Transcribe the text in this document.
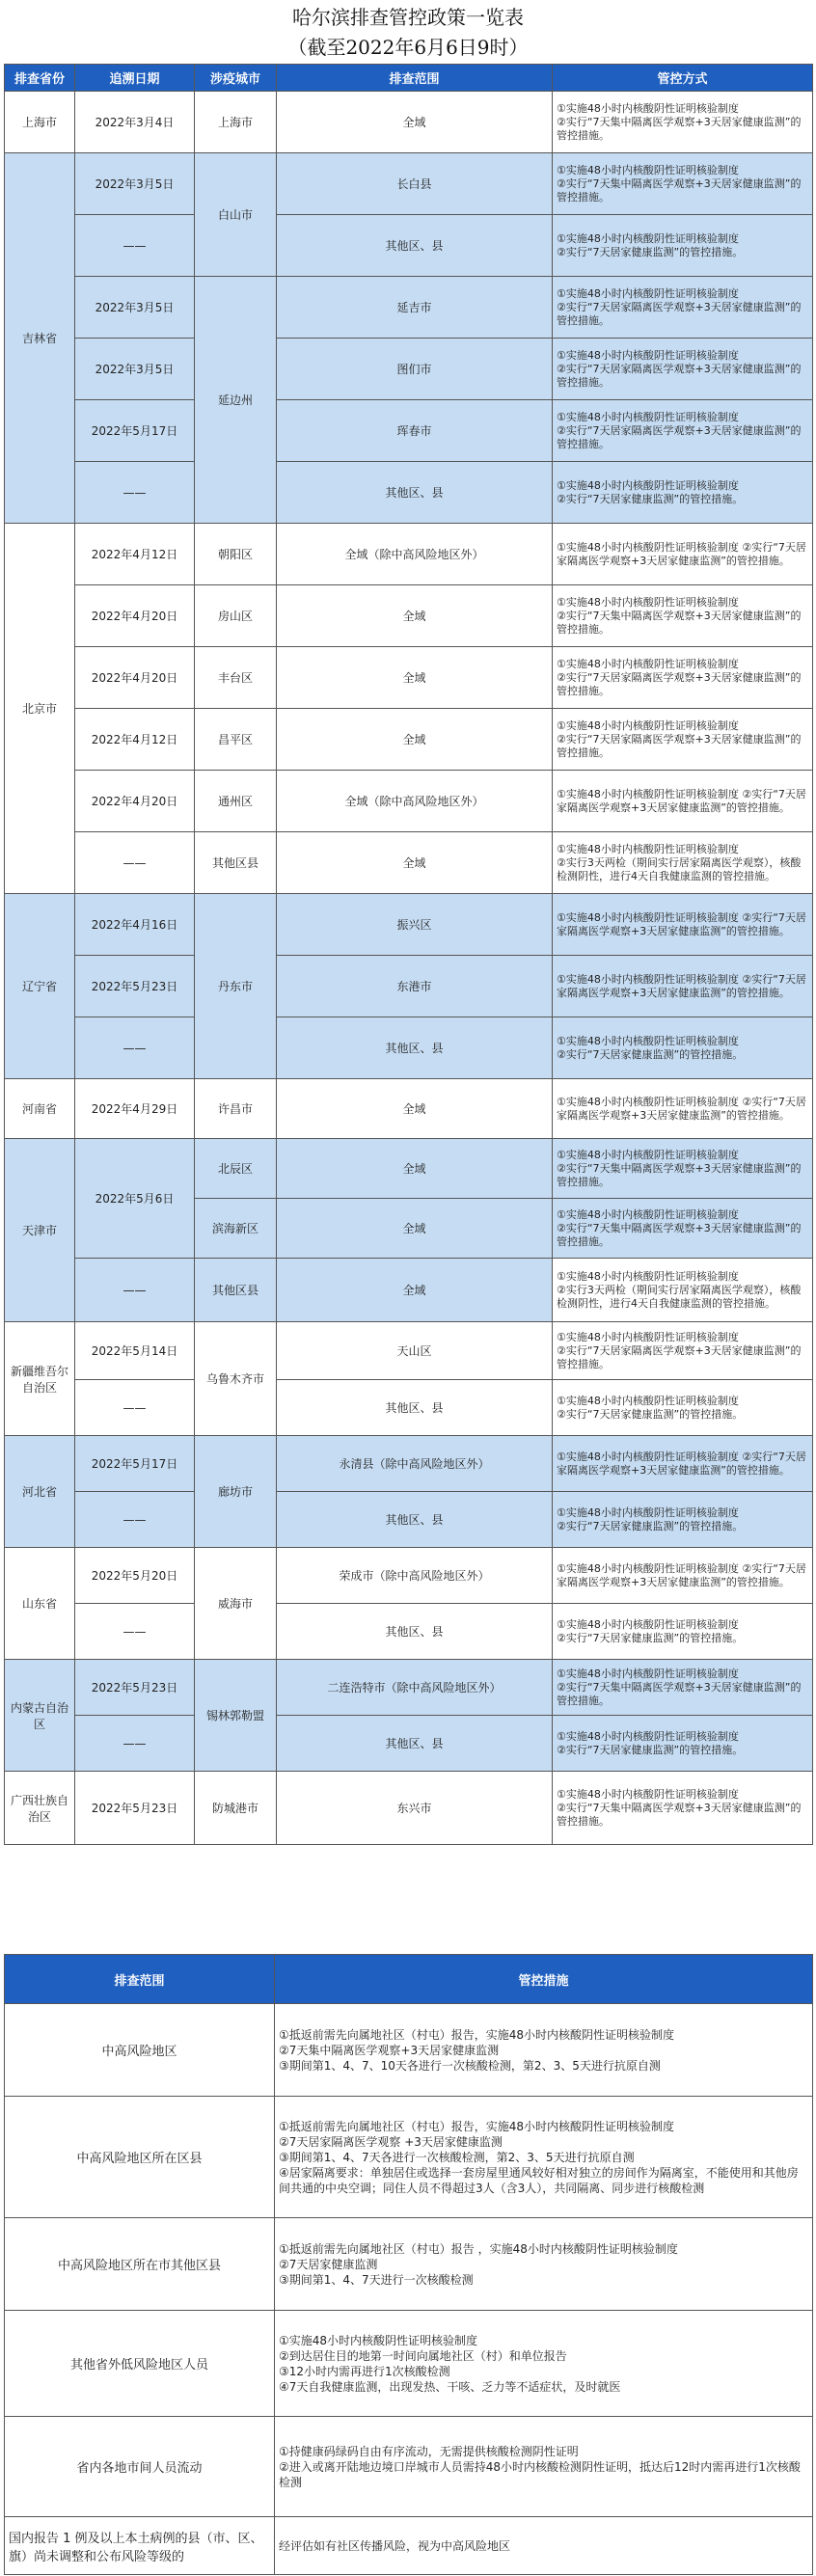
哈尔滨排查管控政策一览表
（截至2022年6月6日9时）
排查省份	追溯日期	涉疫城市	排查范围	管控方式
上海市	2022年3月4日	上海市	全域	①实施48小时内核酸阴性证明核验制度
②实行“7天集中隔离医学观察+3天居家健康监测”的管控措施。
吉林省	2022年3月5日	白山市	长白县	①实施48小时内核酸阴性证明核验制度
②实行“7天集中隔离医学观察+3天居家健康监测”的管控措施。
	——		其他区、县	①实施48小时内核酸阴性证明核验制度
②实行“7天居家健康监测”的管控措施。
	2022年3月5日	延边州	延吉市	①实施48小时内核酸阴性证明核验制度
②实行“7天居家隔离医学观察+3天居家健康监测”的管控措施。
	2022年3月5日		图们市	①实施48小时内核酸阴性证明核验制度
②实行“7天居家隔离医学观察+3天居家健康监测”的管控措施。
	2022年5月17日		珲春市	①实施48小时内核酸阴性证明核验制度
②实行“7天居家隔离医学观察+3天居家健康监测”的管控措施。
	——		其他区、县	①实施48小时内核酸阴性证明核验制度
②实行“7天居家健康监测”的管控措施。
北京市	2022年4月12日	朝阳区	全域（除中高风险地区外）	①实施48小时内核酸阴性证明核验制度 ②实行“7天居家隔离医学观察+3天居家健康监测”的管控措施。
	2022年4月20日	房山区	全域	①实施48小时内核酸阴性证明核验制度
②实行“7天集中隔离医学观察+3天居家健康监测”的管控措施。
	2022年4月20日	丰台区	全域	①实施48小时内核酸阴性证明核验制度
②实行“7天居家隔离医学观察+3天居家健康监测”的管控措施。
	2022年4月12日	昌平区	全域	①实施48小时内核酸阴性证明核验制度
②实行“7天居家隔离医学观察+3天居家健康监测”的管控措施。
	2022年4月20日	通州区	全域（除中高风险地区外）	①实施48小时内核酸阴性证明核验制度 ②实行“7天居家隔离医学观察+3天居家健康监测”的管控措施。
	——	其他区县	全域	①实施48小时内核酸阴性证明核验制度
②实行3天两检（期间实行居家隔离医学观察），核酸检测阴性，进行4天自我健康监测的管控措施。
辽宁省	2022年4月16日	丹东市	振兴区	①实施48小时内核酸阴性证明核验制度 ②实行“7天居家隔离医学观察+3天居家健康监测”的管控措施。
	2022年5月23日		东港市	①实施48小时内核酸阴性证明核验制度 ②实行“7天居家隔离医学观察+3天居家健康监测”的管控措施。
	——		其他区、县	①实施48小时内核酸阴性证明核验制度
②实行“7天居家健康监测”的管控措施。
河南省	2022年4月29日	许昌市	全域	①实施48小时内核酸阴性证明核验制度 ②实行“7天居家隔离医学观察+3天居家健康监测”的管控措施。
天津市	2022年5月6日	北辰区	全域	①实施48小时内核酸阴性证明核验制度
②实行“7天集中隔离医学观察+3天居家健康监测”的管控措施。
		滨海新区	全域	①实施48小时内核酸阴性证明核验制度
②实行“7天集中隔离医学观察+3天居家健康监测”的管控措施。
	——	其他区县	全域	①实施48小时内核酸阴性证明核验制度
②实行3天两检（期间实行居家隔离医学观察），核酸检测阴性，进行4天自我健康监测的管控措施。
新疆维吾尔自治区	2022年5月14日	乌鲁木齐市	天山区	①实施48小时内核酸阴性证明核验制度
②实行“7天居家隔离医学观察+3天居家健康监测”的管控措施。
	——		其他区、县	①实施48小时内核酸阴性证明核验制度
②实行“7天居家健康监测”的管控措施。
河北省	2022年5月17日	廊坊市	永清县（除中高风险地区外）	①实施48小时内核酸阴性证明核验制度 ②实行“7天居家隔离医学观察+3天居家健康监测”的管控措施。
	——		其他区、县	①实施48小时内核酸阴性证明核验制度
②实行“7天居家健康监测”的管控措施。
山东省	2022年5月20日	威海市	荣成市（除中高风险地区外）	①实施48小时内核酸阴性证明核验制度 ②实行“7天居家隔离医学观察+3天居家健康监测”的管控措施。
	——		其他区、县	①实施48小时内核酸阴性证明核验制度
②实行“7天居家健康监测”的管控措施。
内蒙古自治区	2022年5月23日	锡林郭勒盟	二连浩特市（除中高风险地区外）	①实施48小时内核酸阴性证明核验制度
②实行“7天集中隔离医学观察+3天居家健康监测”的管控措施。
	——		其他区、县	①实施48小时内核酸阴性证明核验制度
②实行“7天居家健康监测”的管控措施。
广西壮族自治区	2022年5月23日	防城港市	东兴市	①实施48小时内核酸阴性证明核验制度
②实行“7天集中隔离医学观察+3天居家健康监测”的管控措施。
排查范围	管控措施
中高风险地区	①抵返前需先向属地社区（村屯）报告，实施48小时内核酸阴性证明核验制度
②7天集中隔离医学观察+3天居家健康监测
③期间第1、4、7、10天各进行一次核酸检测，第2、3、5天进行抗原自测
中高风险地区所在区县	①抵返前需先向属地社区（村屯）报告，实施48小时内核酸阴性证明核验制度
②7天居家隔离医学观察 +3天居家健康监测
③期间第1、4、7天各进行一次核酸检测，第2、3、5天进行抗原自测
④居家隔离要求：单独居住或选择一套房屋里通风较好相对独立的房间作为隔离室，不能使用和其他房间共通的中央空调；同住人员不得超过3人（含3人），共同隔离、同步进行核酸检测
中高风险地区所在市其他区县	①抵返前需先向属地社区（村屯）报告 ，实施48小时内核酸阴性证明核验制度
②7天居家健康监测
③期间第1、4、7天进行一次核酸检测
其他省外低风险地区人员	①实施48小时内核酸阴性证明核验制度
②到达居住目的地第一时间向属地社区（村）和单位报告
③12小时内需再进行1次核酸检测
④7天自我健康监测，出现发热、干咳、乏力等不适症状，及时就医
省内各地市间人员流动	①持健康码绿码自由有序流动，无需提供核酸检测阴性证明
②进入或离开陆地边境口岸城市人员需持48小时内核酸检测阴性证明，抵达后12时内需再进行1次核酸检测
国内报告 1 例及以上本土病例的县（市、区、旗）尚未调整和公布风险等级的	经评估如有社区传播风险，视为中高风险地区
